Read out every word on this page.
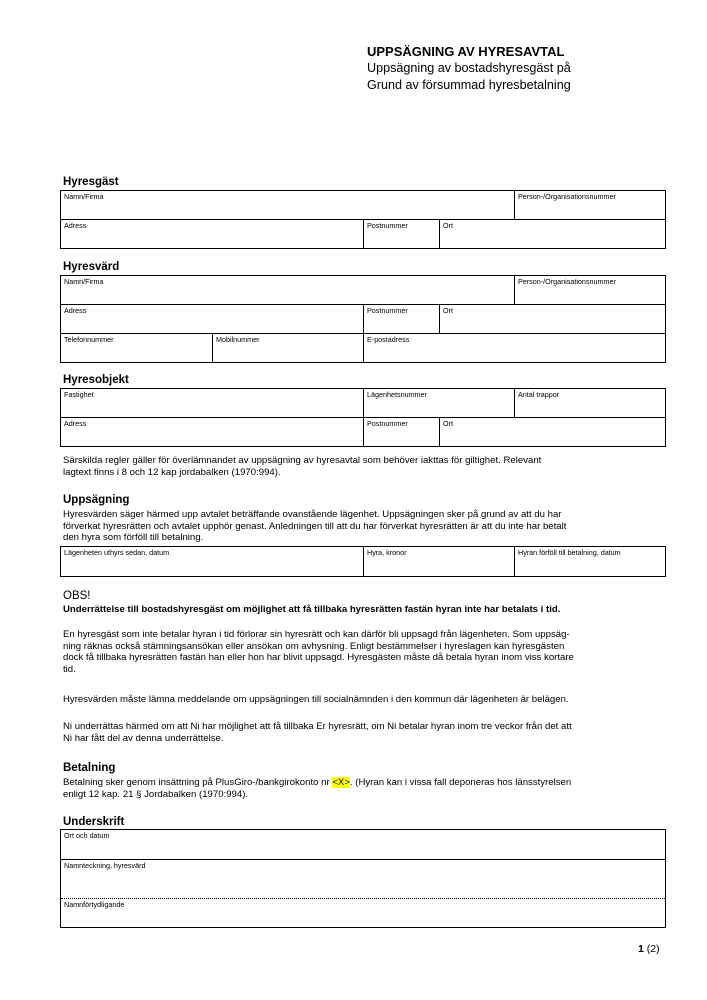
UPPSÄGNING AV HYRESAVTAL
Uppsägning av bostadshyresgäst på
Grund av försummad hyresbetalning
Hyresgäst
Namn/Firma	Person-/Organisationsnummer
Adress	Postnummer	Ort
Hyresvärd
Namn/Firma	Person-/Organisationsnummer
Adress	Postnummer	Ort
Telefonnummer	Mobilnummer	E-postadress
Hyresobjekt
Fastighet	Lägenhetsnummer	Antal trappor
Adress	Postnummer	Ort
Särskilda regler gäller för överlämnandet av uppsägning av hyresavtal som behöver iakttas för giltighet. Relevant
lagtext finns i 8 och 12 kap jordabalken (1970:994).
Uppsägning
Hyresvärden säger härmed upp avtalet beträffande ovanstående lägenhet. Uppsägningen sker på grund av att du har
förverkat hyresrätten och avtalet upphör genast. Anledningen till att du har förverkat hyresrätten är att du inte har betalt
den hyra som förföll till betalning.
Lägenheten uthyrs sedan, datum	Hyra, kronor	Hyran förföll till betalning, datum
OBS!
Underrättelse till bostadshyresgäst om möjlighet att få tillbaka hyresrätten fastän hyran inte har betalats i tid.
En hyresgäst som inte betalar hyran i tid förlorar sin hyresrätt och kan därför bli uppsagd från lägenheten. Som uppsäg-
ning räknas också stämningsansökan eller ansökan om avhysning. Enligt bestämmelser i hyreslagen kan hyresgästen
dock få tillbaka hyresrätten fastän han eller hon har blivit uppsagd. Hyresgästen måste då betala hyran inom viss kortare
tid.
Hyresvärden måste lämna meddelande om uppsägningen till socialnämnden i den kommun där lägenheten är belägen.
Ni underrättas härmed om att Ni har möjlighet att få tillbaka Er hyresrätt, om Ni betalar hyran inom tre veckor från det att
Ni har fått del av denna underrättelse.
Betalning
Betalning sker genom insättning på PlusGiro-/bankgirokonto nr <X>. (Hyran kan i vissa fall deponeras hos länsstyrelsen
enligt 12 kap. 21 § Jordabalken (1970:994).
Underskrift
Ort och datum
Namnteckning, hyresvärd
Namnförtydligande
1 (2)
